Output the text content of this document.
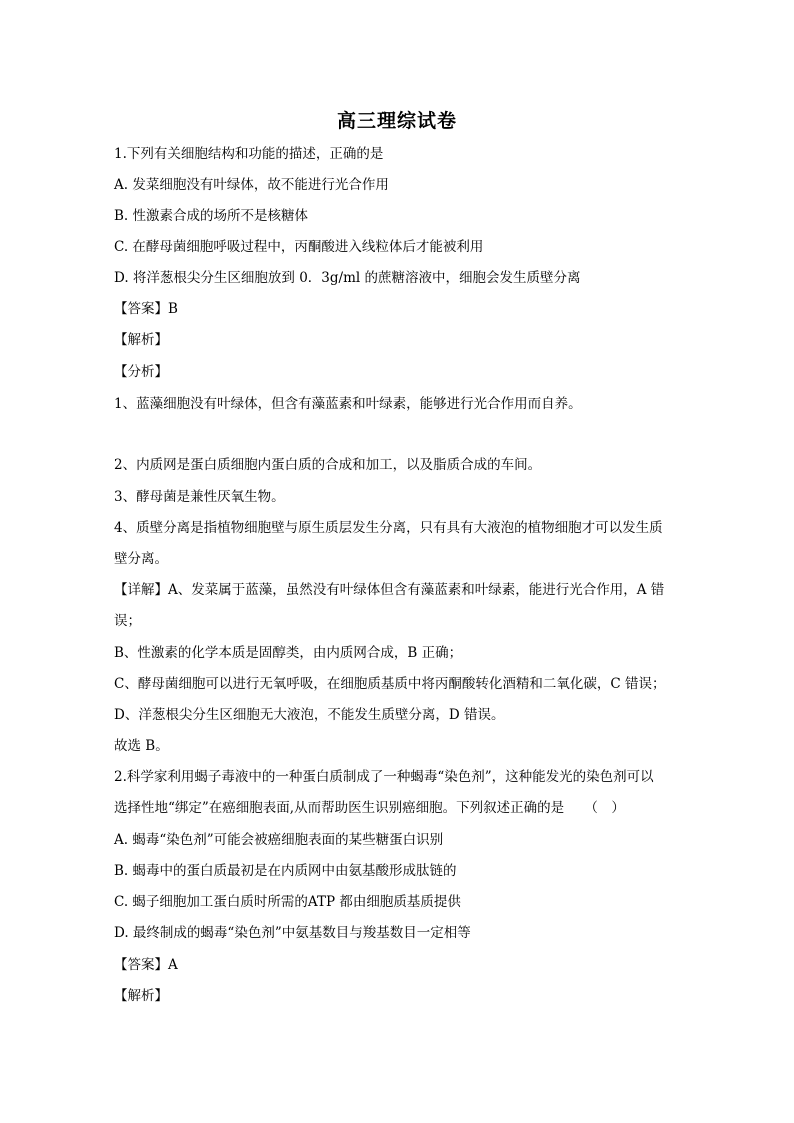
高三理综试卷
1.下列有关细胞结构和功能的描述，正确的是
A. 发菜细胞没有叶绿体，故不能进行光合作用
B. 性激素合成的场所不是核糖体
C. 在酵母菌细胞呼吸过程中，丙酮酸进入线粒体后才能被利用
D. 将洋葱根尖分生区细胞放到 0．3g/ml 的蔗糖溶液中，细胞会发生质壁分离
【答案】B
【解析】
【分析】
1、蓝藻细胞没有叶绿体，但含有藻蓝素和叶绿素，能够进行光合作用而自养。
2、内质网是蛋白质细胞内蛋白质的合成和加工，以及脂质合成的车间。
3、酵母菌是兼性厌氧生物。
4、质壁分离是指植物细胞壁与原生质层发生分离，只有具有大液泡的植物细胞才可以发生质
壁分离。
【详解】A、发菜属于蓝藻，虽然没有叶绿体但含有藻蓝素和叶绿素，能进行光合作用，A 错
误；
B、性激素的化学本质是固醇类，由内质网合成，B 正确；
C、酵母菌细胞可以进行无氧呼吸，在细胞质基质中将丙酮酸转化酒精和二氧化碳，C 错误；
D、洋葱根尖分生区细胞无大液泡，不能发生质壁分离，D 错误。
故选 B。
2.科学家利用蝎子毒液中的一种蛋白质制成了一种蝎毒“染色剂”，这种能发光的染色剂可以
选择性地“绑定”在癌细胞表面,从而帮助医生识别癌细胞。下列叙述正确的是　　（　）
A. 蝎毒“染色剂”可能会被癌细胞表面的某些糖蛋白识别
B. 蝎毒中的蛋白质最初是在内质网中由氨基酸形成肽链的
C. 蝎子细胞加工蛋白质时所需的ATP 都由细胞质基质提供
D. 最终制成的蝎毒“染色剂”中氨基数目与羧基数目一定相等
【答案】A
【解析】
